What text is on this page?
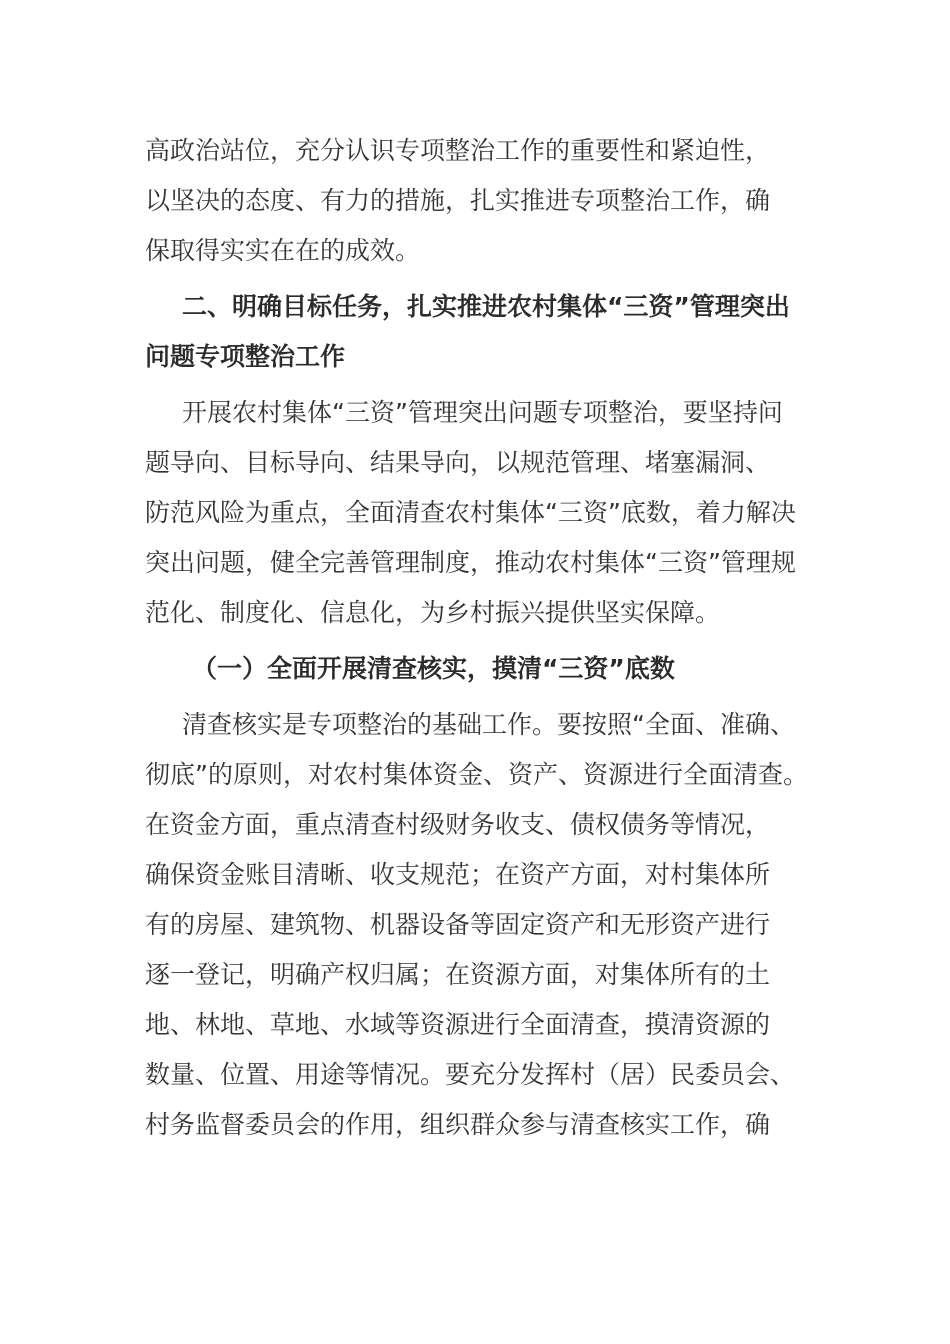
高政治站位，充分认识专项整治工作的重要性和紧迫性，

以坚决的态度、有力的措施，扎实推进专项整治工作，确

保取得实实在在的成效。

二、明确目标任务，扎实推进农村集体“三资”管理突出

问题专项整治工作

开展农村集体“三资”管理突出问题专项整治，要坚持问

题导向、目标导向、结果导向，以规范管理、堵塞漏洞、

防范风险为重点，全面清查农村集体“三资”底数，着力解决

突出问题，健全完善管理制度，推动农村集体“三资”管理规

范化、制度化、信息化，为乡村振兴提供坚实保障。

（一）全面开展清查核实，摸清“三资”底数

清查核实是专项整治的基础工作。要按照“全面、准确、

彻底”的原则，对农村集体资金、资产、资源进行全面清查。

在资金方面，重点清查村级财务收支、债权债务等情况，

确保资金账目清晰、收支规范；在资产方面，对村集体所

有的房屋、建筑物、机器设备等固定资产和无形资产进行

逐一登记，明确产权归属；在资源方面，对集体所有的土

地、林地、草地、水域等资源进行全面清查，摸清资源的

数量、位置、用途等情况。要充分发挥村（居）民委员会、

村务监督委员会的作用，组织群众参与清查核实工作，确
